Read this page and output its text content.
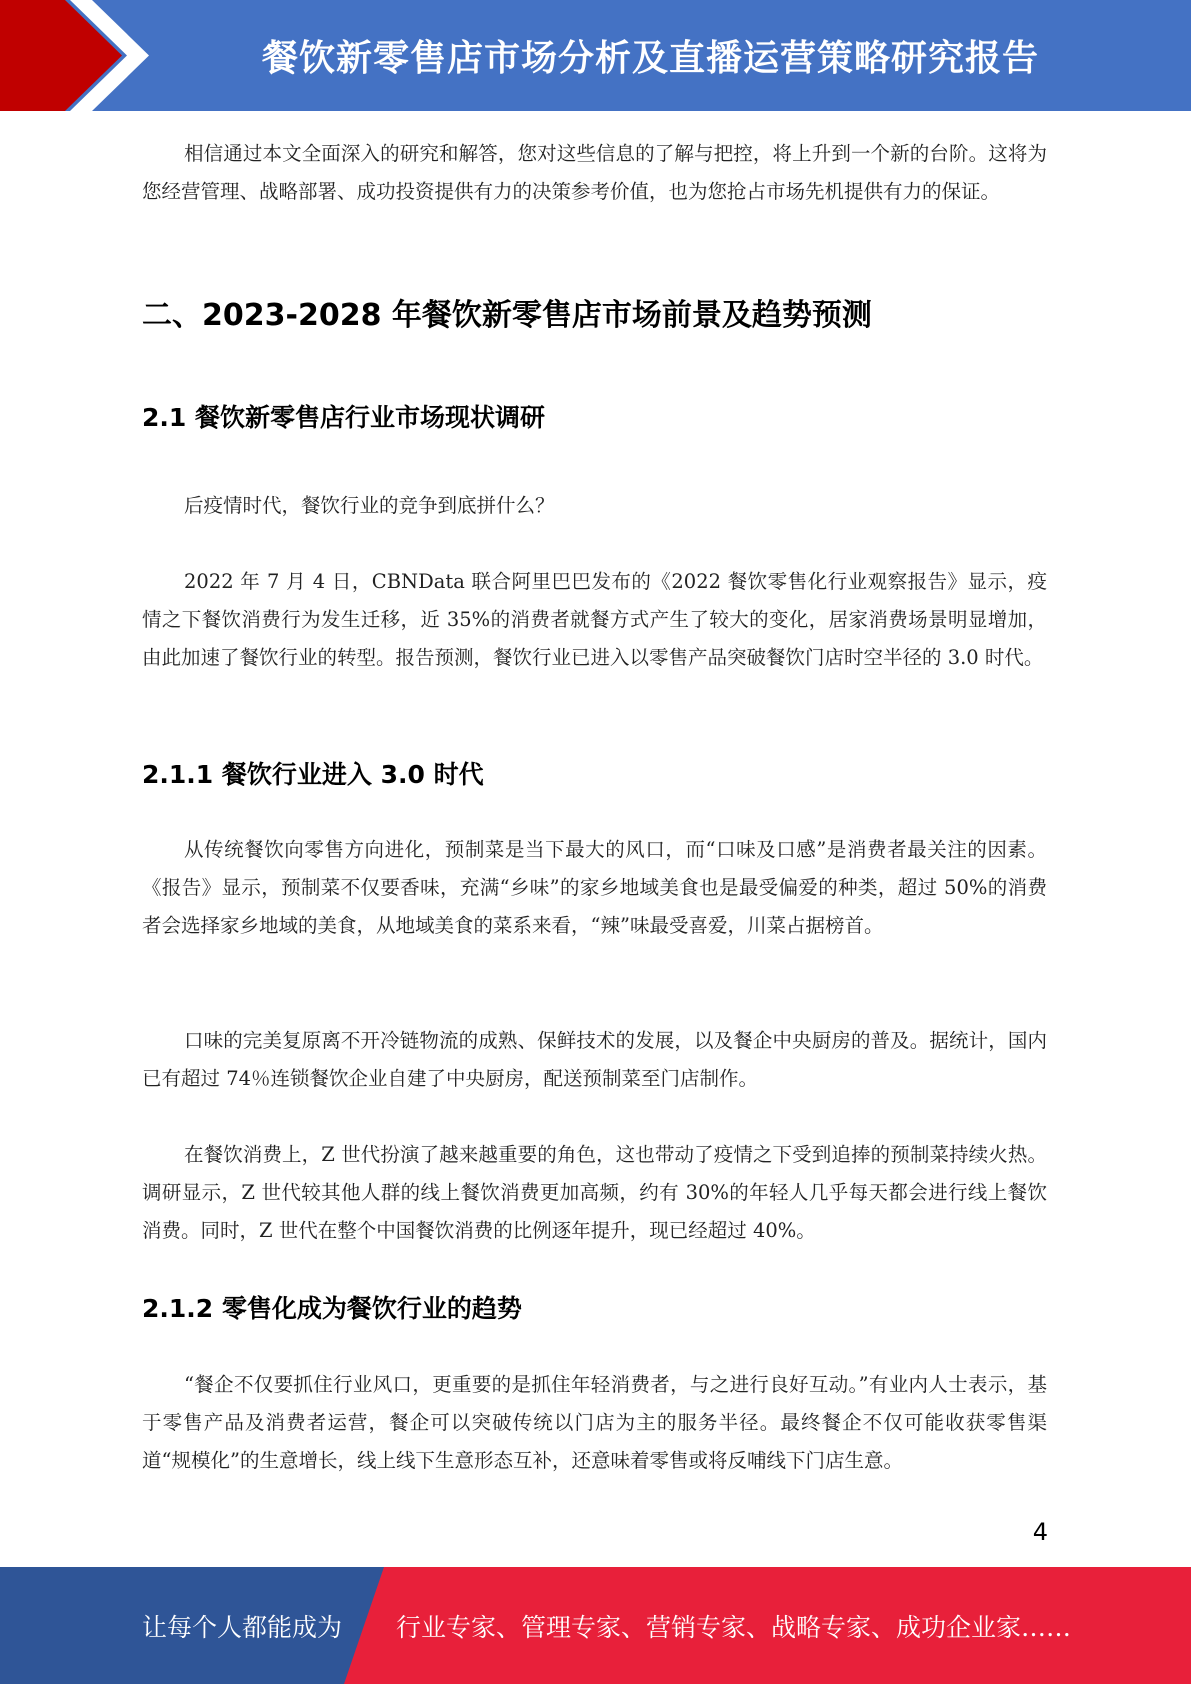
餐饮新零售店市场分析及直播运营策略研究报告

相信通过本文全面深入的研究和解答，您对这些信息的了解与把控，将上升到一个新的台阶。这将为您经营管理、战略部署、成功投资提供有力的决策参考价值，也为您抢占市场先机提供有力的保证。

二、2023-2028 年餐饮新零售店市场前景及趋势预测
2.1 餐饮新零售店行业市场现状调研

后疫情时代，餐饮行业的竞争到底拼什么？

2022 年 7 月 4 日，CBNData 联合阿里巴巴发布的《2022 餐饮零售化行业观察报告》显示，疫情之下餐饮消费行为发生迁移，近 35%的消费者就餐方式产生了较大的变化，居家消费场景明显增加，由此加速了餐饮行业的转型。报告预测，餐饮行业已进入以零售产品突破餐饮门店时空半径的 3.0 时代。

2.1.1 餐饮行业进入 3.0 时代

从传统餐饮向零售方向进化，预制菜是当下最大的风口，而“口味及口感”是消费者最关注的因素。《报告》显示，预制菜不仅要香味，充满“乡味”的家乡地域美食也是最受偏爱的种类，超过 50%的消费者会选择家乡地域的美食，从地域美食的菜系来看，“辣”味最受喜爱，川菜占据榜首。

口味的完美复原离不开冷链物流的成熟、保鲜技术的发展，以及餐企中央厨房的普及。据统计，国内已有超过 74％连锁餐饮企业自建了中央厨房，配送预制菜至门店制作。

在餐饮消费上，Z 世代扮演了越来越重要的角色，这也带动了疫情之下受到追捧的预制菜持续火热。调研显示，Z 世代较其他人群的线上餐饮消费更加高频，约有 30%的年轻人几乎每天都会进行线上餐饮消费。同时，Z 世代在整个中国餐饮消费的比例逐年提升，现已经超过 40%。

2.1.2 零售化成为餐饮行业的趋势

“餐企不仅要抓住行业风口，更重要的是抓住年轻消费者，与之进行良好互动。”有业内人士表示，基于零售产品及消费者运营，餐企可以突破传统以门店为主的服务半径。最终餐企不仅可能收获零售渠道“规模化”的生意增长，线上线下生意形态互补，还意味着零售或将反哺线下门店生意。

4
让每个人都能成为 行业专家、管理专家、营销专家、战略专家、成功企业家……
